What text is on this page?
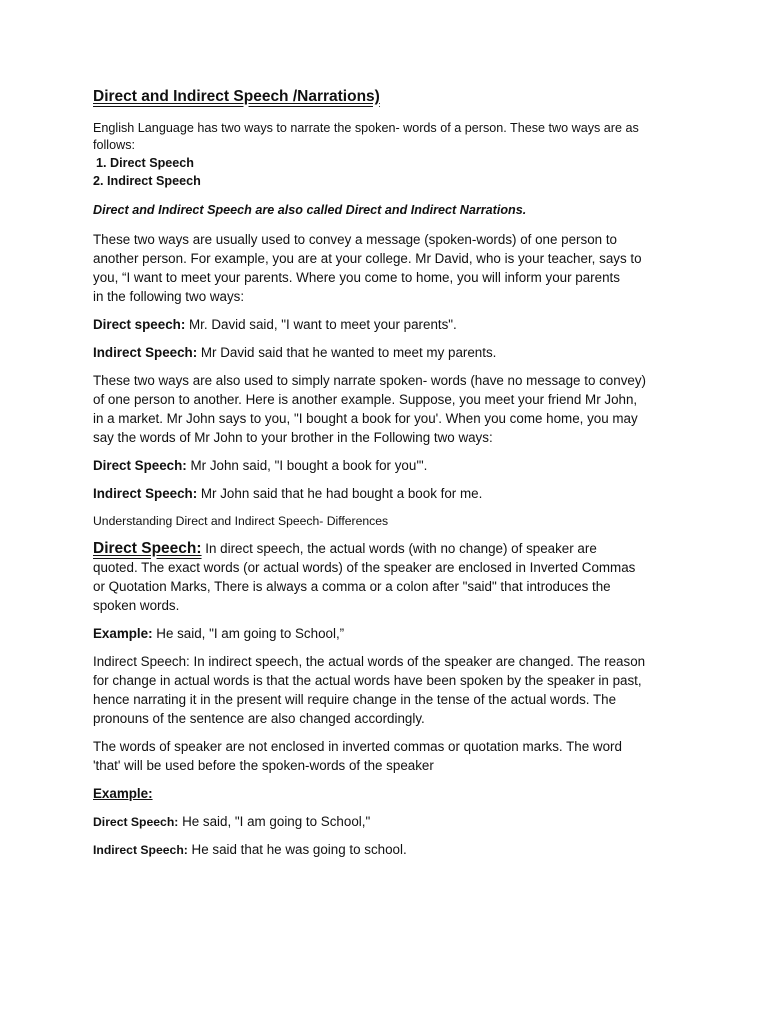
Direct and Indirect Speech /Narrations)

English Language has two ways to narrate the spoken- words of a person. These two ways are as

follows:

1. Direct Speech

2. Indirect Speech

Direct and Indirect Speech are also called Direct and Indirect Narrations.

These two ways are usually used to convey a message (spoken-words) of one person to

another person. For example, you are at your college. Mr David, who is your teacher, says to

you, “I want to meet your parents. Where you come to home, you will inform your parents

in the following two ways:

Direct speech: Mr. David said, "I want to meet your parents".

Indirect Speech: Mr David said that he wanted to meet my parents.

These two ways are also used to simply narrate spoken- words (have no message to convey)

of one person to another. Here is another example. Suppose, you meet your friend Mr John,

in a market. Mr John says to you, "I bought a book for you'. When you come home, you may

say the words of Mr John to your brother in the Following two ways:

Direct Speech: Mr John said, "I bought a book for you'".

Indirect Speech: Mr John said that he had bought a book for me.

Understanding Direct and Indirect Speech- Differences

Direct Speech: In direct speech, the actual words (with no change) of speaker are

quoted. The exact words (or actual words) of the speaker are enclosed in Inverted Commas

or Quotation Marks, There is always a comma or a colon after "said" that introduces the

spoken words.

Example: He said, "I am going to School,”

Indirect Speech: In indirect speech, the actual words of the speaker are changed. The reason

for change in actual words is that the actual words have been spoken by the speaker in past,

hence narrating it in the present will require change in the tense of the actual words. The

pronouns of the sentence are also changed accordingly.

The words of speaker are not enclosed in inverted commas or quotation marks. The word

'that' will be used before the spoken-words of the speaker

Example:

Direct Speech: He said, "I am going to School,"

Indirect Speech: He said that he was going to school.
